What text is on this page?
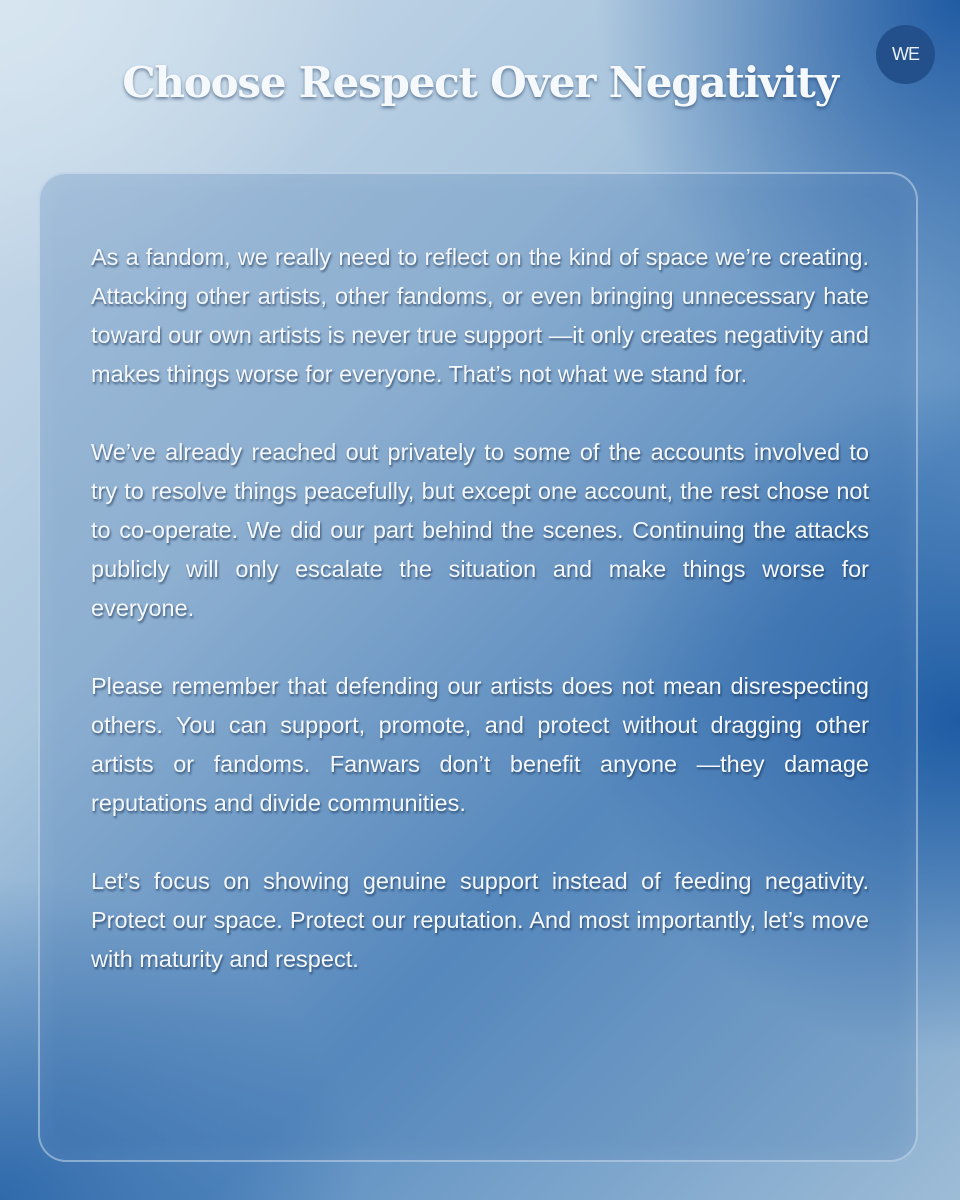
WE
Choose Respect Over Negativity

As a fandom, we really need to reflect on the kind of space we’re creating. Attacking other artists, other fandoms, or even bringing unnecessary hate toward our own artists is never true support —it only creates negativity and makes things worse for everyone. That’s not what we stand for.

We’ve already reached out privately to some of the accounts involved to try to resolve things peacefully, but except one account, the rest chose not to co-operate. We did our part behind the scenes. Continuing the attacks publicly will only escalate the situation and make things worse for everyone.

Please remember that defending our artists does not mean disrespecting others. You can support, promote, and protect without dragging other artists or fandoms. Fanwars don’t benefit anyone —they damage reputations and divide communities.

Let’s focus on showing genuine support instead of feeding negativity. Protect our space. Protect our reputation. And most importantly, let’s move with maturity and respect.
